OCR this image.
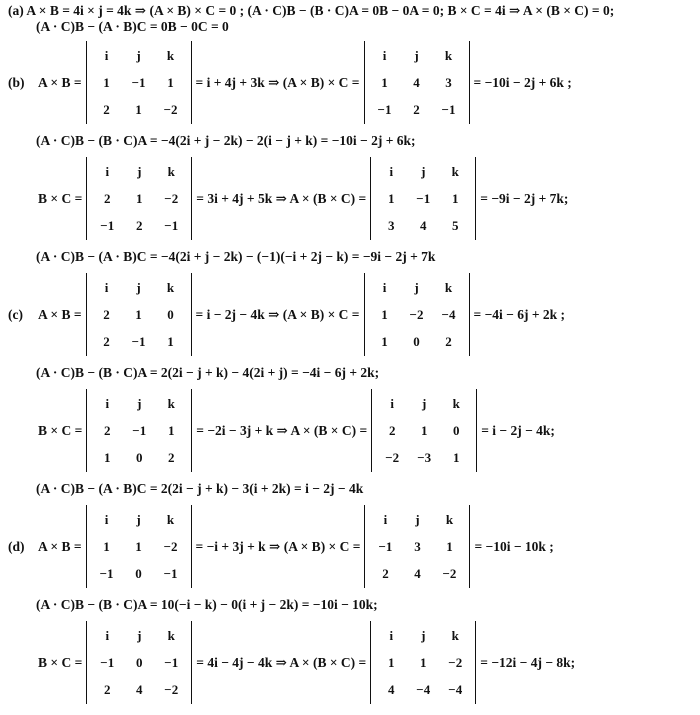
(a) A × B = 4i × j = 4k ⇒ (A × B) × C = 0 ; (A · C)B − (B · C)A = 0B − 0A = 0; B × C = 4i ⇒ A × (B × C) = 0;
(A · C)B − (A · B)C = 0B − 0C = 0
(b)	A × B =
i j k
1 −1 1
2 1 −2
= i + 4j + 3k ⇒ (A × B) × C =
i j k
1 4 3
−1 2 −1
= −10i − 2j + 6k ;
(A · C)B − (B · C)A = −4(2i + j − 2k) − 2(i − j + k) = −10i − 2j + 6k;
B × C =
i j k
2 1 −2
−1 2 −1
= 3i + 4j + 5k ⇒ A × (B × C) =
i j k
1 −1 1
3 4 5
= −9i − 2j + 7k;
(A · C)B − (A · B)C = −4(2i + j − 2k) − (−1)(−i + 2j − k) = −9i − 2j + 7k
(c)	A × B =
i j k
2 1 0
2 −1 1
= i − 2j − 4k ⇒ (A × B) × C =
i j k
1 −2 −4
1 0 2
= −4i − 6j + 2k ;
(A · C)B − (B · C)A = 2(2i − j + k) − 4(2i + j) = −4i − 6j + 2k;
B × C =
i j k
2 −1 1
1 0 2
= −2i − 3j + k ⇒ A × (B × C) =
i j k
2 1 0
−2 −3 1
= i − 2j − 4k;
(A · C)B − (A · B)C = 2(2i − j + k) − 3(i + 2k) = i − 2j − 4k
(d)	A × B =
i j k
1 1 −2
−1 0 −1
= −i + 3j + k ⇒ (A × B) × C =
i j k
−1 3 1
2 4 −2
= −10i − 10k ;
(A · C)B − (B · C)A = 10(−i − k) − 0(i + j − 2k) = −10i − 10k;
B × C =
i j k
−1 0 −1
2 4 −2
= 4i − 4j − 4k ⇒ A × (B × C) =
i j k
1 1 −2
4 −4 −4
= −12i − 4j − 8k;
